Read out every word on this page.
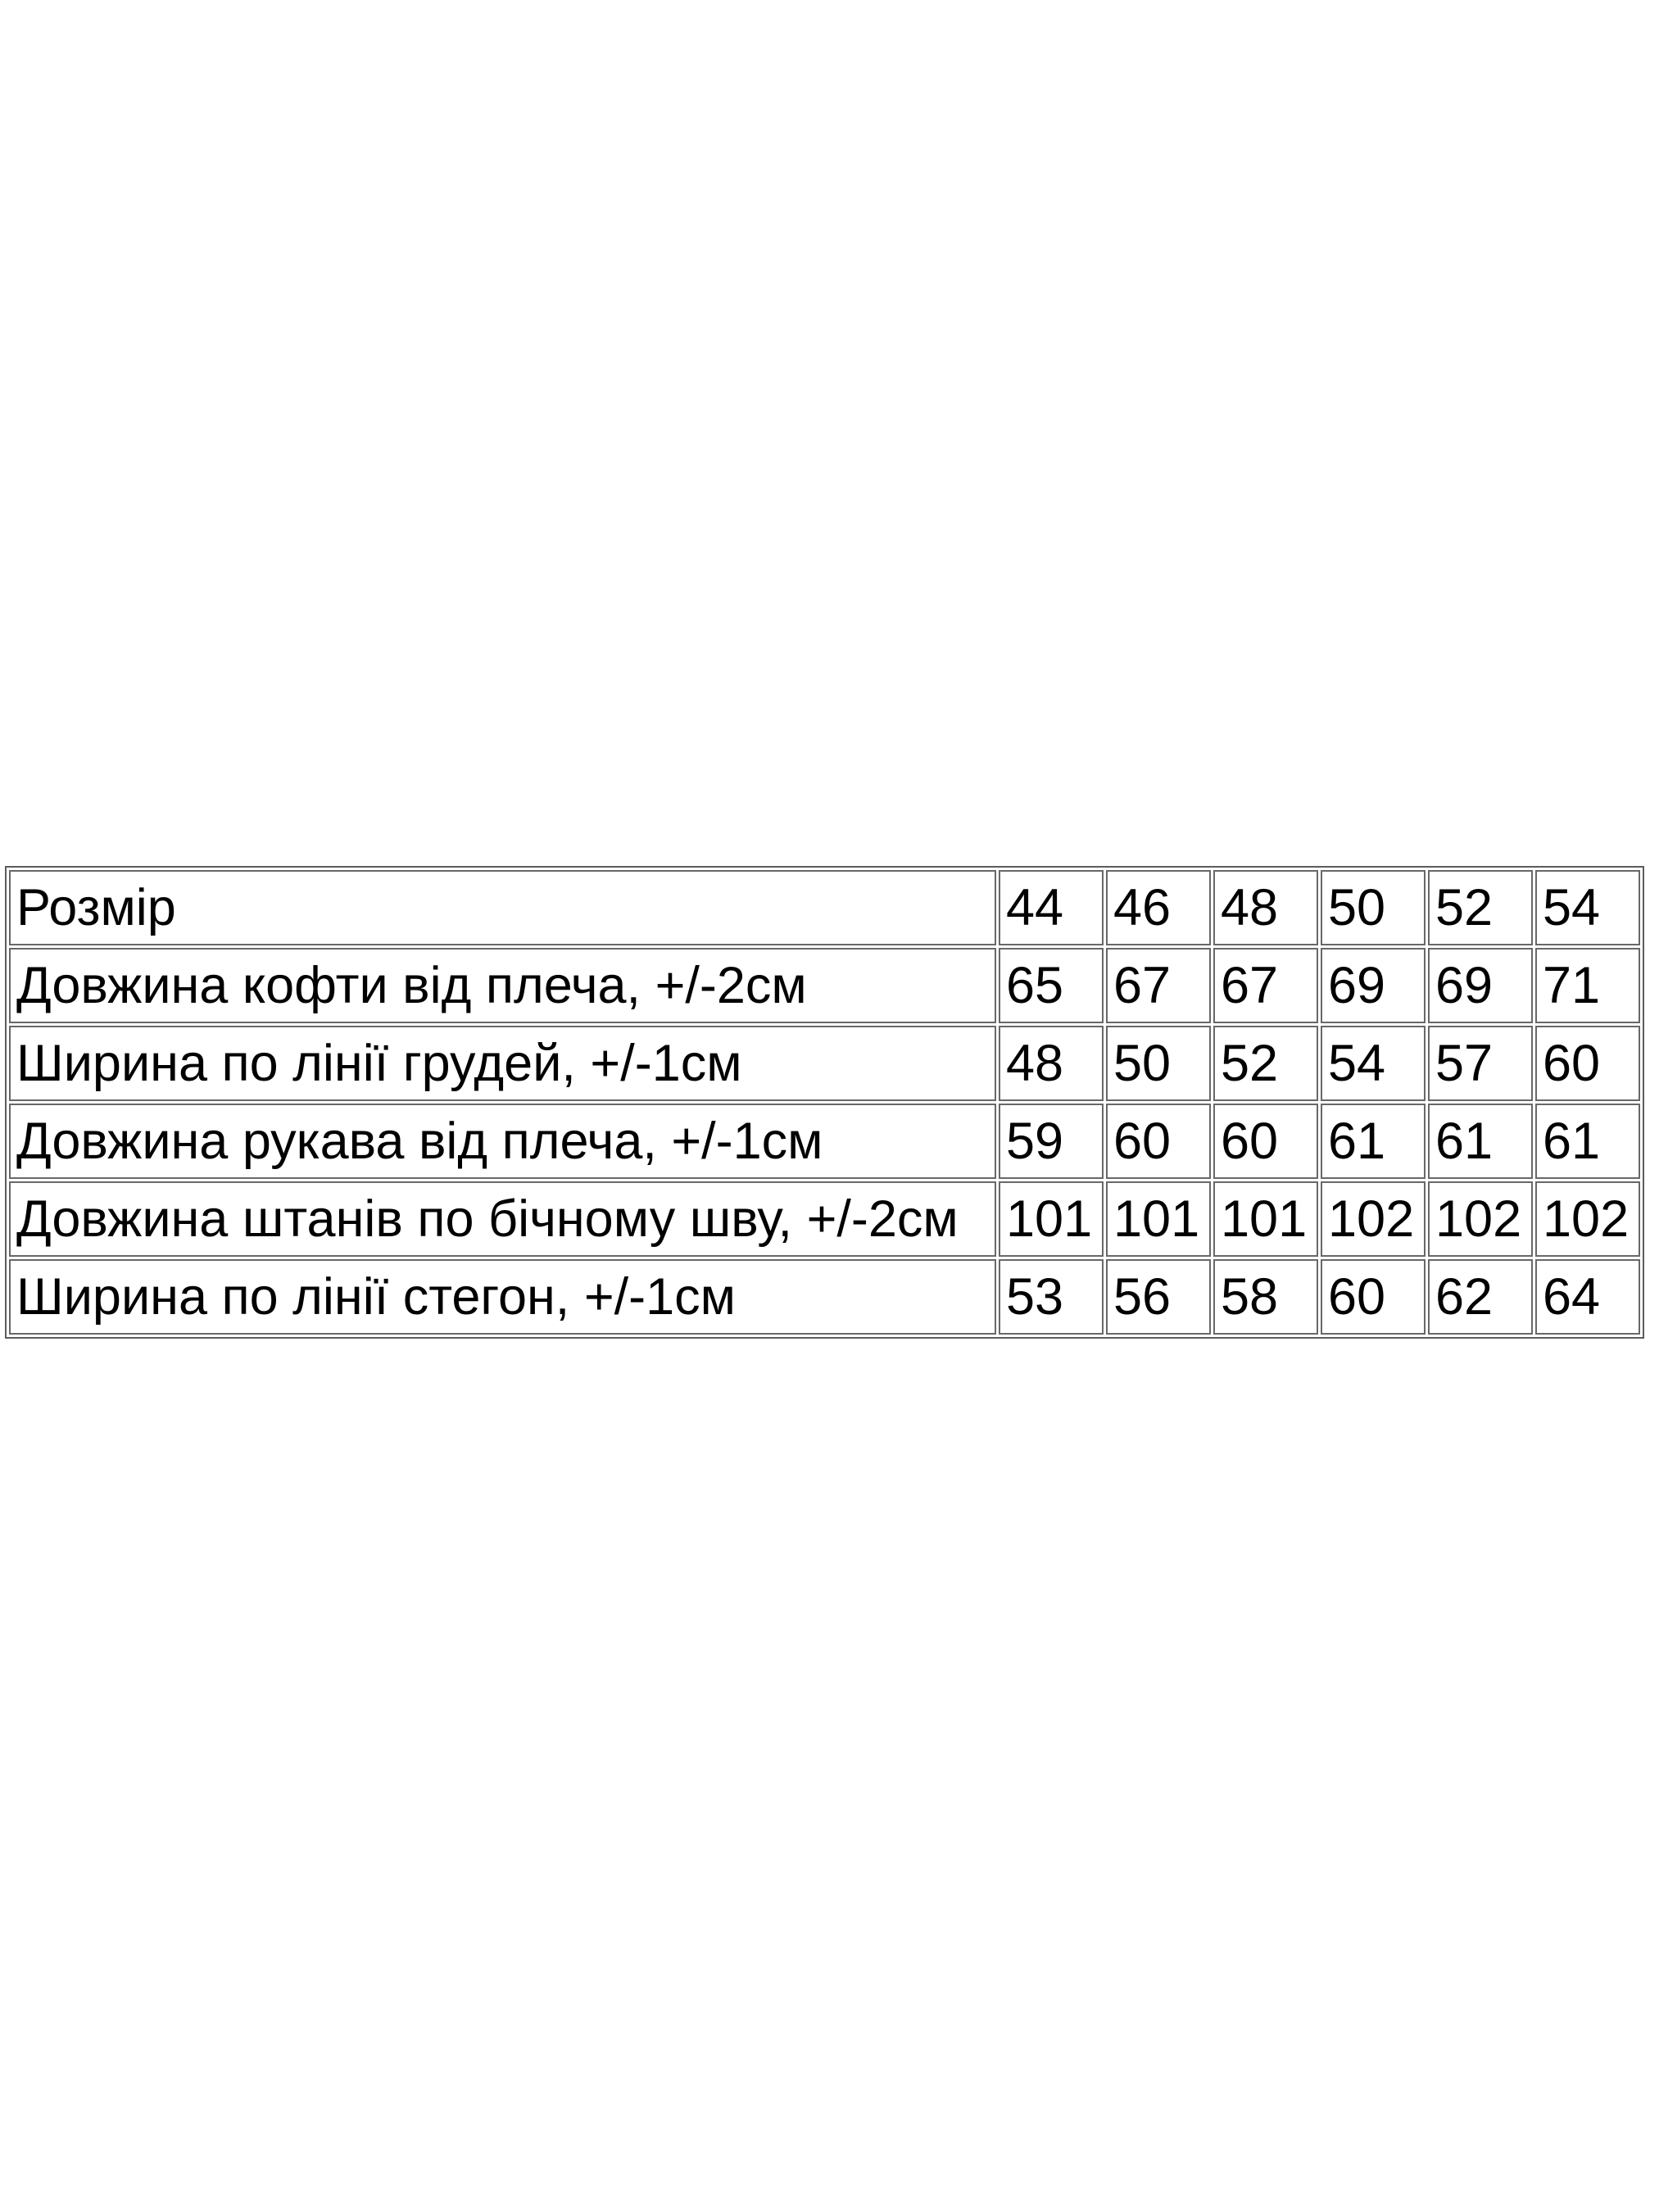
Розмір	44	46	48	50	52	54
Довжина кофти від плеча, +/-2см	65	67	67	69	69	71
Ширина по лінії грудей, +/-1см	48	50	52	54	57	60
Довжина рукава від плеча, +/-1см	59	60	60	61	61	61
Довжина штанів по бічному шву, +/-2см	101	101	101	102	102	102
Ширина по лінії стегон, +/-1см	53	56	58	60	62	64
